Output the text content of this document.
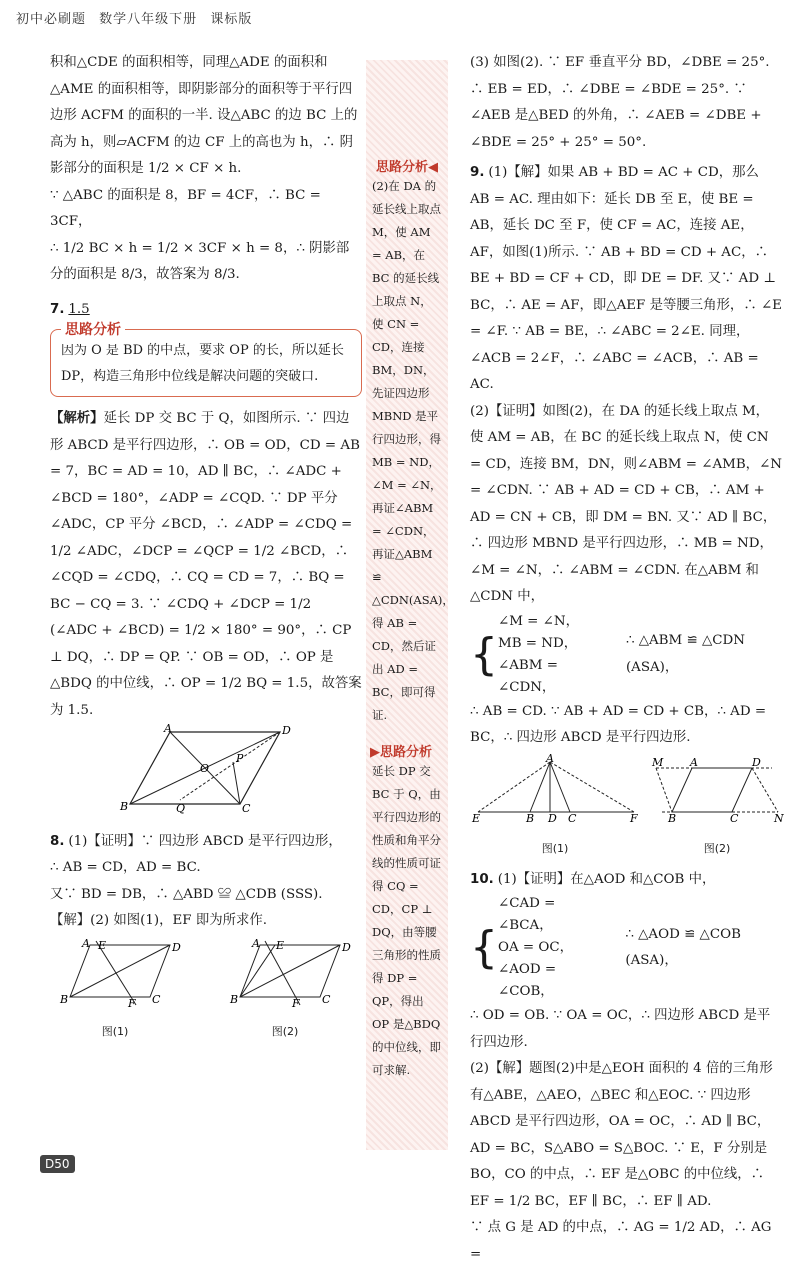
初中必刷题 数学八年级下册 课标版

积和△CDE 的面积相等，同理△ADE 的面积和△AME 的面积相等，即阴影部分的面积等于平行四边形 ACFM 的面积的一半. 设△ABC 的边 BC 上的高为 h，则▱ACFM 的边 CF 上的高也为 h，∴ 阴影部分的面积是 1/2 × CF × h.

∵ △ABC 的面积是 8，BF = 4CF，∴ BC = 3CF，

∴ 1/2 BC × h = 1/2 × 3CF × h = 8，∴ 阴影部分的面积是 8/3，故答案为 8/3.

7. 1.5

思路分析

因为 O 是 BD 的中点，要求 OP 的长，所以延长 DP，构造三角形中位线是解决问题的突破口.

【解析】延长 DP 交 BC 于 Q，如图所示. ∵ 四边形 ABCD 是平行四边形，∴ OB = OD，CD = AB = 7，BC = AD = 10，AD ∥ BC，∴ ∠ADC + ∠BCD = 180°，∠ADP = ∠CQD. ∵ DP 平分 ∠ADC，CP 平分 ∠BCD，∴ ∠ADP = ∠CDQ = 1/2 ∠ADC，∠DCP = ∠QCP = 1/2 ∠BCD，∴ ∠CQD = ∠CDQ，∴ CQ = CD = 7，∴ BQ = BC − CQ = 3. ∵ ∠CDQ + ∠DCP = 1/2 (∠ADC + ∠BCD) = 1/2 × 180° = 90°，∴ CP ⊥ DQ，∴ DP = QP. ∵ OB = OD，∴ OP 是△BDQ 的中位线，∴ OP = 1/2 BQ = 1.5，故答案为 1.5.

A	D
B	C
O
P
Q

8. (1)【证明】∵ 四边形 ABCD 是平行四边形，

∴ AB = CD，AD = BC.

又∵ BD = DB，∴ △ABD ≌ △CDB (SSS).

【解】(2) 如图(1)，EF 即为所求作.

A E	D
B	C
F
图(1)
A E	D
B	C
F
图(2)
思路分析◀
(2)在 DA 的延长线上取点 M，使 AM = AB，在 BC 的延长线上取点 N，使 CN = CD，连接 BM，DN，先证四边形 MBND 是平行四边形，得 MB = ND，∠M = ∠N，再证∠ABM = ∠CDN，再证△ABM ≌ △CDN(ASA)，得 AB = CD，然后证出 AD = BC，即可得证.
▶思路分析
延长 DP 交 BC 于 Q，由平行四边形的性质和角平分线的性质可证得 CQ = CD，CP ⊥ DQ，由等腰三角形的性质得 DP = QP，得出 OP 是△BDQ 的中位线，即可求解.

(3) 如图(2). ∵ EF 垂直平分 BD，∠DBE = 25°. ∴ EB = ED，∴ ∠DBE = ∠BDE = 25°. ∵ ∠AEB 是△BED 的外角，∴ ∠AEB = ∠DBE + ∠BDE = 25° + 25° = 50°.

9. (1)【解】如果 AB + BD = AC + CD，那么 AB = AC. 理由如下：延长 DB 至 E，使 BE = AB，延长 DC 至 F，使 CF = AC，连接 AE，AF，如图(1)所示. ∵ AB + BD = CD + AC，∴ BE + BD = CF + CD，即 DE = DF. 又∵ AD ⊥ BC，∴ AE = AF，即△AEF 是等腰三角形，∴ ∠E = ∠F. ∵ AB = BE，∴ ∠ABC = 2∠E. 同理，∠ACB = 2∠F，∴ ∠ABC = ∠ACB，∴ AB = AC.

(2)【证明】如图(2)，在 DA 的延长线上取点 M，使 AM = AB，在 BC 的延长线上取点 N，使 CN = CD，连接 BM，DN，则∠ABM = ∠AMB，∠N = ∠CDN. ∵ AB + AD = CD + CB，∴ AM + AD = CN + CB，即 DM = BN. 又∵ AD ∥ BC，∴ 四边形 MBND 是平行四边形，∴ MB = ND，∠M = ∠N，∴ ∠ABM = ∠CDN. 在△ABM 和△CDN 中，

{
∠M = ∠N，
MB = ND，
∠ABM = ∠CDN，
∴ △ABM ≌ △CDN (ASA)，

∴ AB = CD. ∵ AB + AD = CD + CB，∴ AD = BC，∴ 四边形 ABCD 是平行四边形.

A
E	B D C	F
图(1)
M A	D
B	C	N
图(2)

10. (1)【证明】在△AOD 和△COB 中，

{
∠CAD = ∠BCA，
OA = OC，
∠AOD = ∠COB，
∴ △AOD ≌ △COB (ASA)，

∴ OD = OB. ∵ OA = OC，∴ 四边形 ABCD 是平行四边形.

(2)【解】题图(2)中是△EOH 面积的 4 倍的三角形有△ABE，△AEO，△BEC 和△EOC. ∵ 四边形 ABCD 是平行四边形，OA = OC，∴ AD ∥ BC，AD = BC，S△ABO = S△BOC. ∵ E，F 分别是 BO，CO 的中点，∴ EF 是△OBC 的中位线，∴ EF = 1/2 BC，EF ∥ BC，∴ EF ∥ AD.

∵ 点 G 是 AD 的中点，∴ AG = 1/2 AD，∴ AG =

D50
